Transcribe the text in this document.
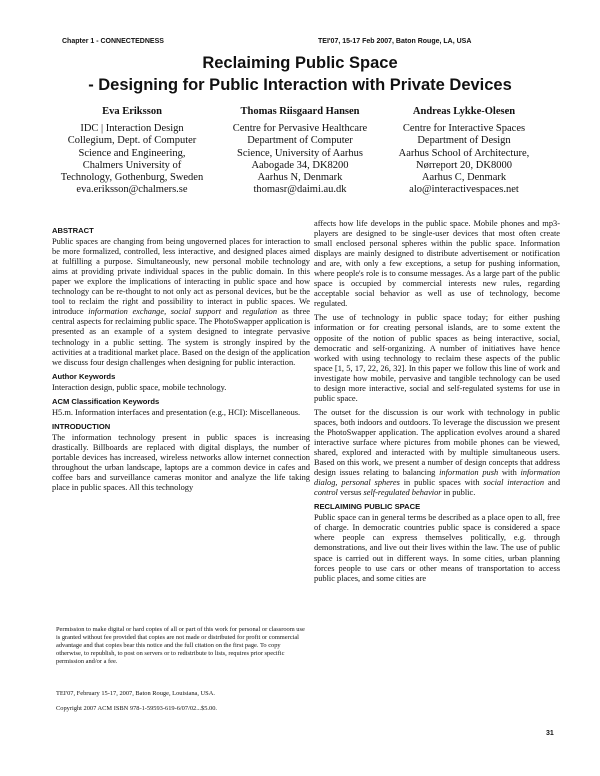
Chapter 1 - CONNECTEDNESS	TEI'07, 15-17 Feb 2007, Baton Rouge, LA, USA
Reclaiming Public Space
- Designing for Public Interaction with Private Devices
Eva Eriksson
IDC | Interaction Design
Collegium, Dept. of Computer
Science and Engineering,
Chalmers University of
Technology, Gothenburg, Sweden
eva.eriksson@chalmers.se
Thomas Riisgaard Hansen
Centre for Pervasive Healthcare
Department of Computer
Science, University of Aarhus
Aabogade 34, DK8200
Aarhus N, Denmark
thomasr@daimi.au.dk
Andreas Lykke-Olesen
Centre for Interactive Spaces
Department of Design
Aarhus School of Architecture,
Nørreport 20, DK8000
Aarhus C, Denmark
alo@interactivespaces.net
ABSTRACT

Public spaces are changing from being ungoverned places for interaction to be more formalized, controlled, less interactive, and designed places aimed at fulfilling a purpose. Simultaneously, new personal mobile technology aims at providing private individual spaces in the public domain. In this paper we explore the implications of interacting in public space and how technology can be re-thought to not only act as personal devices, but be the tool to reclaim the right and possibility to interact in public spaces. We introduce information exchange, social support and regulation as three central aspects for reclaiming public space. The PhotoSwapper application is presented as an example of a system designed to integrate pervasive technology in a public setting. The system is strongly inspired by the activities at a traditional market place. Based on the design of the application we discuss four design challenges when designing for public interaction.

Author Keywords

Interaction design, public space, mobile technology.

ACM Classification Keywords

H5.m. Information interfaces and presentation (e.g., HCI): Miscellaneous.

INTRODUCTION

The information technology present in public spaces is increasing drastically. Billboards are replaced with digital displays, the number of portable devices has increased, wireless networks allow internet connection throughout the urban landscape, laptops are a common device in cafes and coffee bars and surveillance cameras monitor and analyze the life taking place in public spaces. All this technology

affects how life develops in the public space. Mobile phones and mp3-players are designed to be single-user devices that most often create small enclosed personal spheres within the public space. Information displays are mainly designed to distribute advertisement or notification and are, with only a few exceptions, a setup for pushing information, where people's role is to consume messages. As a large part of the public space is occupied by commercial interests new rules, regarding acceptable social behavior as well as use of technology, become regulated.

The use of technology in public space today; for either pushing information or for creating personal islands, are to some extent the opposite of the notion of public spaces as being interactive, social, democratic and self-organizing. A number of initiatives have hence worked with using technology to reclaim these aspects of the public space [1, 5, 17, 22, 26, 32]. In this paper we follow this line of work and investigate how mobile, pervasive and tangible technology can be used to design more interactive, social and self-regulated systems for use in public space.

The outset for the discussion is our work with technology in public spaces, both indoors and outdoors. To leverage the discussion we present the PhotoSwapper application. The application evolves around a shared interactive surface where pictures from mobile phones can be viewed, shared, explored and interacted with by multiple simultaneous users. Based on this work, we present a number of design concepts that address design issues relating to balancing information push with information dialog, personal spheres in public spaces with social interaction and control versus self-regulated behavior in public.

RECLAIMING PUBLIC SPACE

Public space can in general terms be described as a place open to all, free of charge. In democratic countries public space is considered a space where people can express themselves politically, e.g. through demonstrations, and live out their lives within the law. The use of public space is carried out in different ways. In some cities, urban planning forces people to use cars or other means of transportation to access public places, and some cities are

Permission to make digital or hard copies of all or part of this work for personal or classroom use is granted without fee provided that copies are not made or distributed for profit or commercial advantage and that copies bear this notice and the full citation on the first page. To copy otherwise, to republish, to post on servers or to redistribute to lists, requires prior specific permission and/or a fee.
TEI'07, February 15-17, 2007, Baton Rouge, Louisiana, USA.
Copyright 2007 ACM ISBN 978-1-59593-619-6/07/02...$5.00.
31
